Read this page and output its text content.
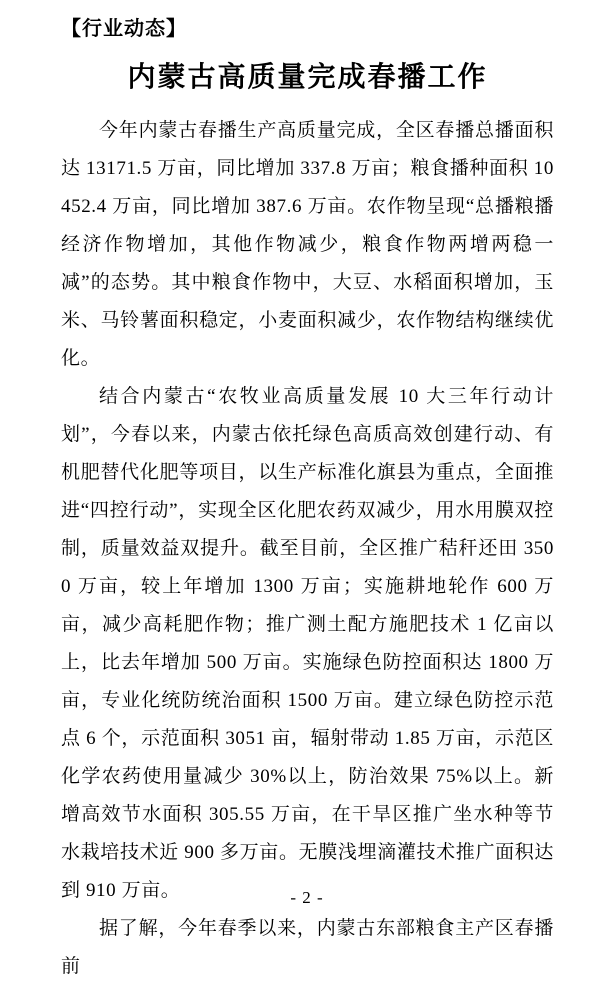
【行业动态】
内蒙古高质量完成春播工作

今年内蒙古春播生产高质量完成，全区春播总播面积达 13171.5 万亩，同比增加 337.8 万亩；粮食播种面积 10452.4 万亩，同比增加 387.6 万亩。农作物呈现“总播粮播经济作物增加，其他作物减少，粮食作物两增两稳一减”的态势。其中粮食作物中，大豆、水稻面积增加，玉米、马铃薯面积稳定，小麦面积减少，农作物结构继续优化。

结合内蒙古“农牧业高质量发展 10 大三年行动计划”，今春以来，内蒙古依托绿色高质高效创建行动、有机肥替代化肥等项目，以生产标准化旗县为重点，全面推进“四控行动”，实现全区化肥农药双减少，用水用膜双控制，质量效益双提升。截至目前，全区推广秸秆还田 3500 万亩，较上年增加 1300 万亩；实施耕地轮作 600 万亩，减少高耗肥作物；推广测土配方施肥技术 1 亿亩以上，比去年增加 500 万亩。实施绿色防控面积达 1800 万亩，专业化统防统治面积 1500 万亩。建立绿色防控示范点 6 个，示范面积 3051 亩，辐射带动 1.85 万亩，示范区化学农药使用量减少 30%以上，防治效果 75%以上。新增高效节水面积 305.55 万亩，在干旱区推广坐水种等节水栽培技术近 900 多万亩。无膜浅埋滴灌技术推广面积达到 910 万亩。

据了解，今年春季以来，内蒙古东部粮食主产区春播前

- 2 -
